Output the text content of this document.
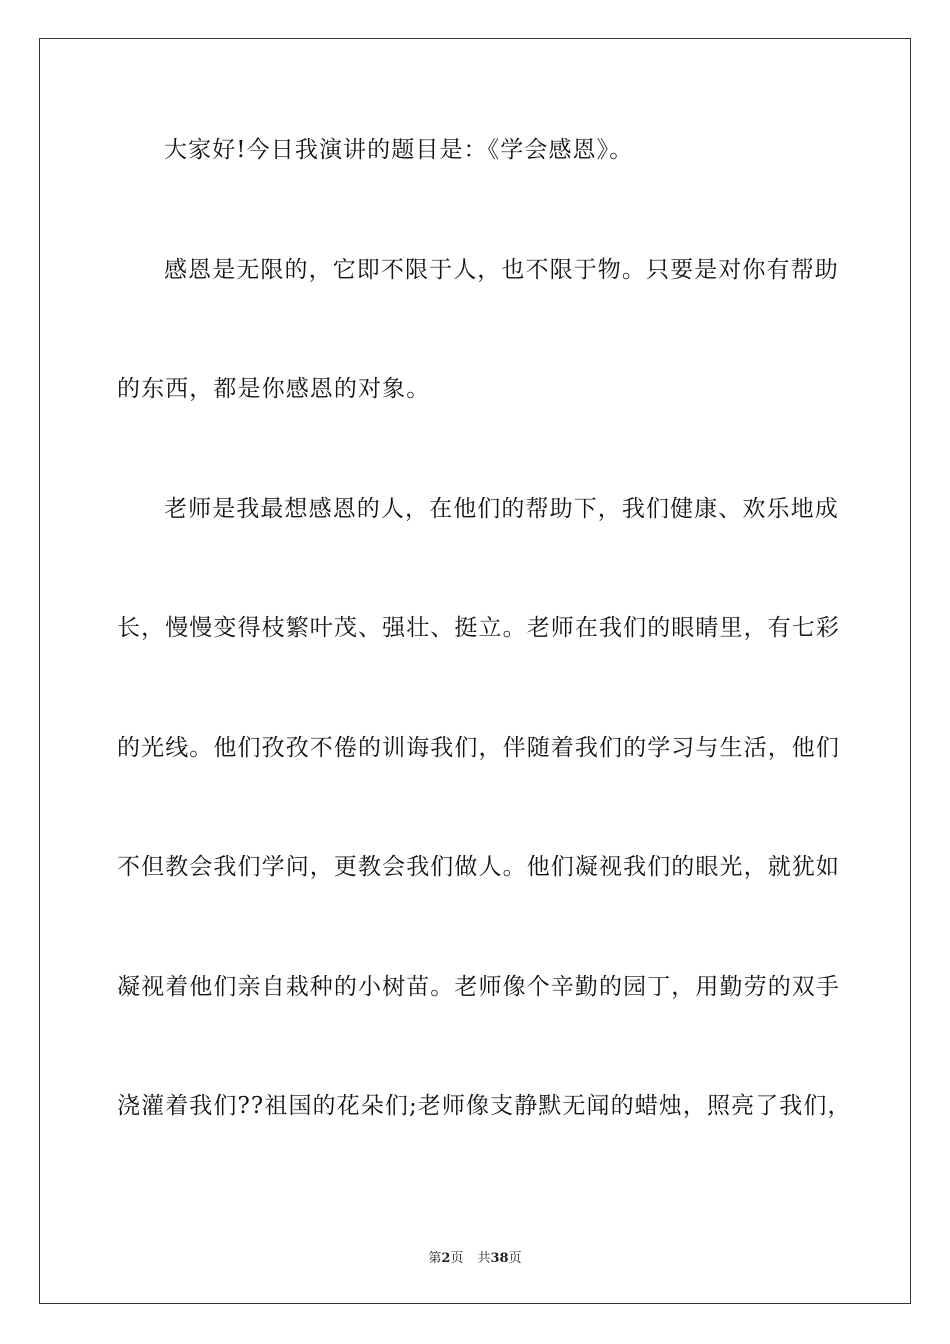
大家好!今日我演讲的题目是：《学会感恩》。
感恩是无限的，它即不限于人，也不限于物。只要是对你有帮助
的东西，都是你感恩的对象。
老师是我最想感恩的人，在他们的帮助下，我们健康、欢乐地成
长，慢慢变得枝繁叶茂、强壮、挺立。老师在我们的眼睛里，有七彩
的光线。他们孜孜不倦的训诲我们，伴随着我们的学习与生活，他们
不但教会我们学问，更教会我们做人。他们凝视我们的眼光，就犹如
凝视着他们亲自栽种的小树苗。老师像个辛勤的园丁，用勤劳的双手
浇灌着我们??祖国的花朵们;老师像支静默无闻的蜡烛，照亮了我们，
第2页 共38页
